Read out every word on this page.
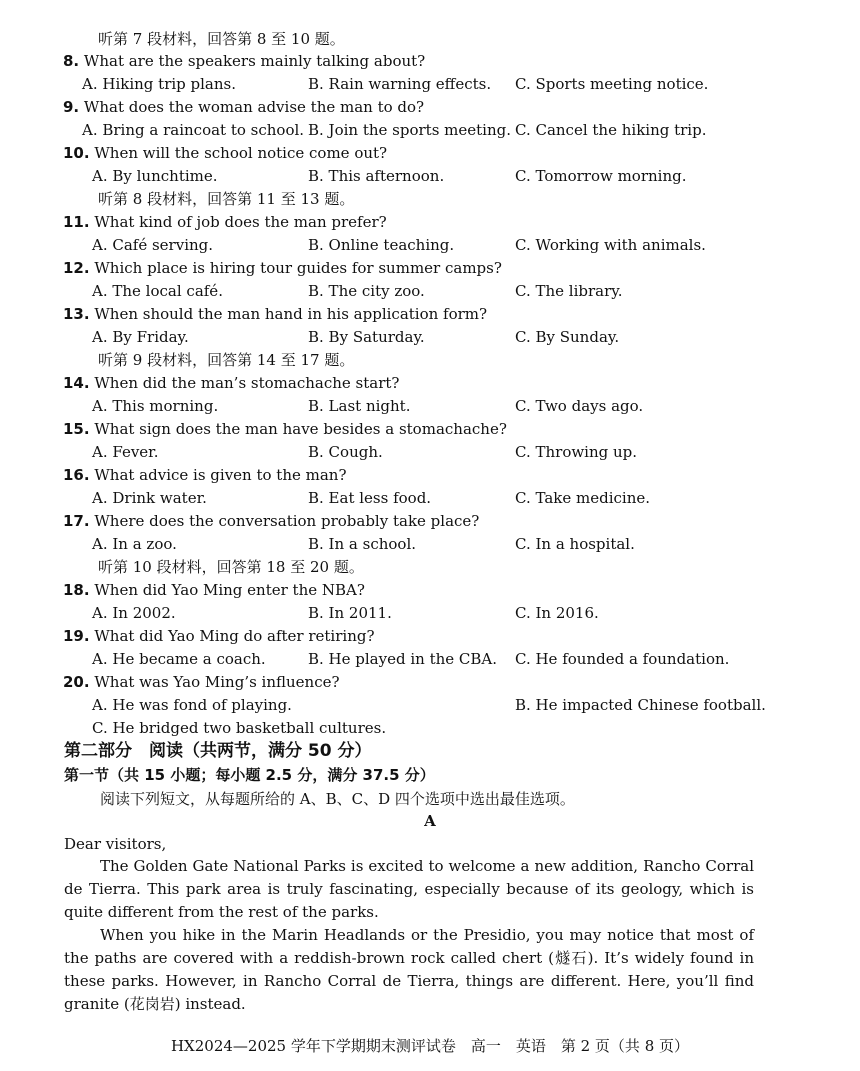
听第 7 段材料，回答第 8 至 10 题。
8. What are the speakers mainly talking about?
A. Hiking trip plans.	B. Rain warning effects. C. Sports meeting notice.
9. What does the woman advise the man to do?
A. Bring a raincoat to school. B. Join the sports meeting. C. Cancel the hiking trip.
10. When will the school notice come out?
A. By lunchtime.	B. This afternoon.	C. Tomorrow morning.
听第 8 段材料，回答第 11 至 13 题。
11. What kind of job does the man prefer?
A. Café serving.	B. Online teaching.	C. Working with animals.
12. Which place is hiring tour guides for summer camps?
A. The local café.	B. The city zoo.	C. The library.
13. When should the man hand in his application form?
A. By Friday.	B. By Saturday.	C. By Sunday.
听第 9 段材料，回答第 14 至 17 题。
14. When did the man’s stomachache start?
A. This morning.	B. Last night.	C. Two days ago.
15. What sign does the man have besides a stomachache?
A. Fever.	B. Cough.	C. Throwing up.
16. What advice is given to the man?
A. Drink water.	B. Eat less food.	C. Take medicine.
17. Where does the conversation probably take place?
A. In a zoo.	B. In a school.	C. In a hospital.
听第 10 段材料，回答第 18 至 20 题。
18. When did Yao Ming enter the NBA?
A. In 2002.	B. In 2011.	C. In 2016.
19. What did Yao Ming do after retiring?
A. He became a coach.	B. He played in the CBA. C. He founded a foundation.
20. What was Yao Ming’s influence?
A. He was fond of playing.	B. He impacted Chinese football.
C. He bridged two basketball cultures.
第二部分　阅读（共两节，满分 50 分）
第一节（共 15 小题；每小题 2.5 分，满分 37.5 分）
阅读下列短文，从每题所给的 A、B、C、D 四个选项中选出最佳选项。
A
Dear visitors,
The Golden Gate National Parks is excited to welcome a new addition, Rancho Corral de Tierra. This park area is truly fascinating, especially because of its geology, which is quite different from the rest of the parks.
When you hike in the Marin Headlands or the Presidio, you may notice that most of the paths are covered with a reddish-brown rock called chert (燧石). It’s widely found in these parks. However, in Rancho Corral de Tierra, things are different. Here, you’ll find granite (花岗岩) instead.
HX2024—2025 学年下学期期末测评试卷　高一　英语　第 2 页（共 8 页）
